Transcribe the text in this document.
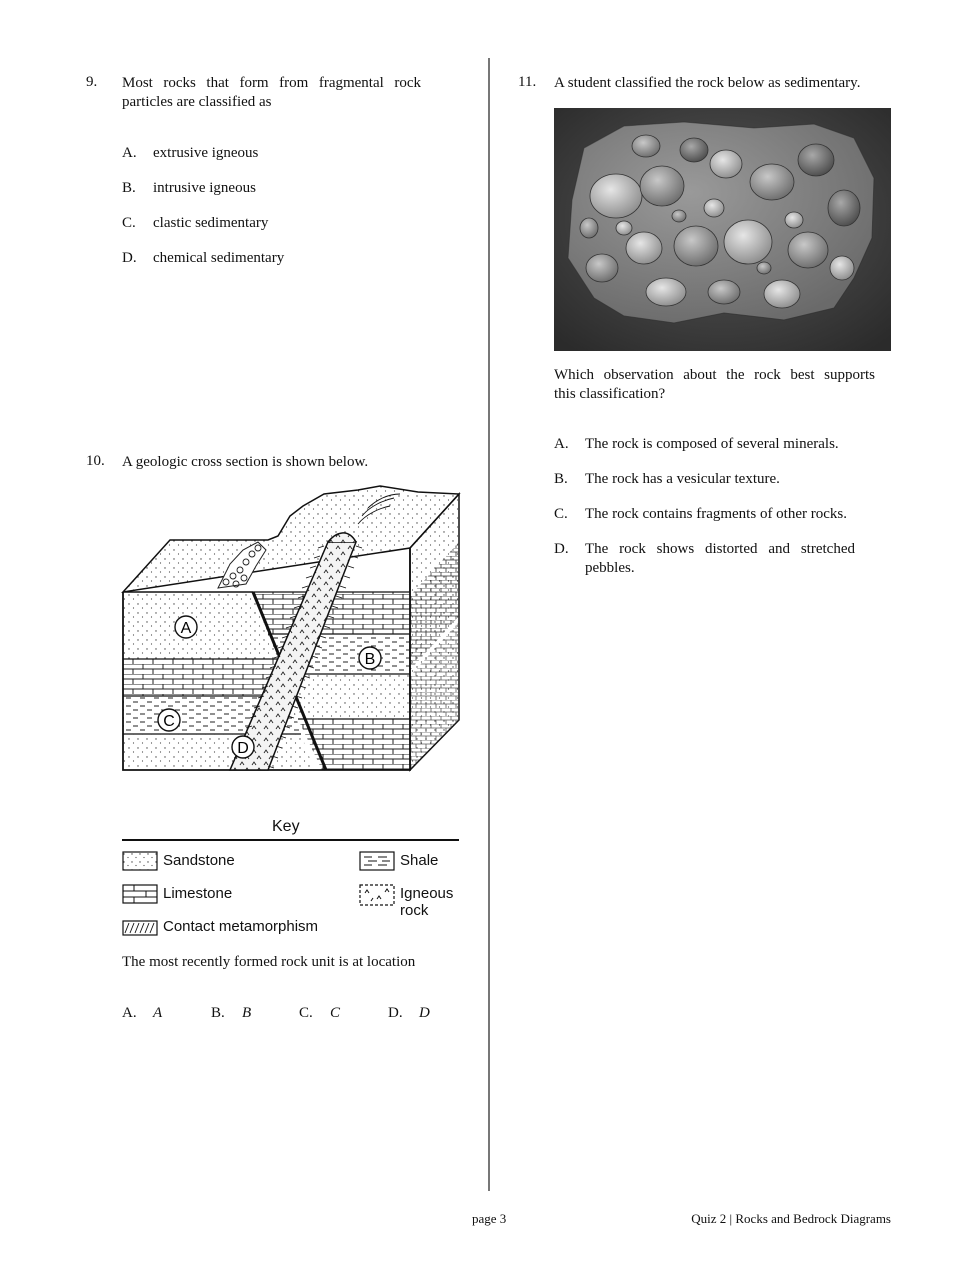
9. Most rocks that form from fragmental rock
particles are classified as
A. extrusive igneous
B. intrusive igneous
C. clastic sedimentary
D. chemical sedimentary
10. A geologic cross section is shown below.
A
B
C
D
Key
Sandstone
Limestone
Contact metamorphism
Shale
Igneous
rock
The most recently formed rock unit is at location
A. A	B. B	C. C	D. D
11. A student classified the rock below as sedimentary.
Which observation about the rock best supports
this classification?
A. The rock is composed of several minerals.
B. The rock has a vesicular texture.
C. The rock contains fragments of other rocks.
D. The rock shows distorted and stretched
pebbles.
page 3	Quiz 2 | Rocks and Bedrock Diagrams
